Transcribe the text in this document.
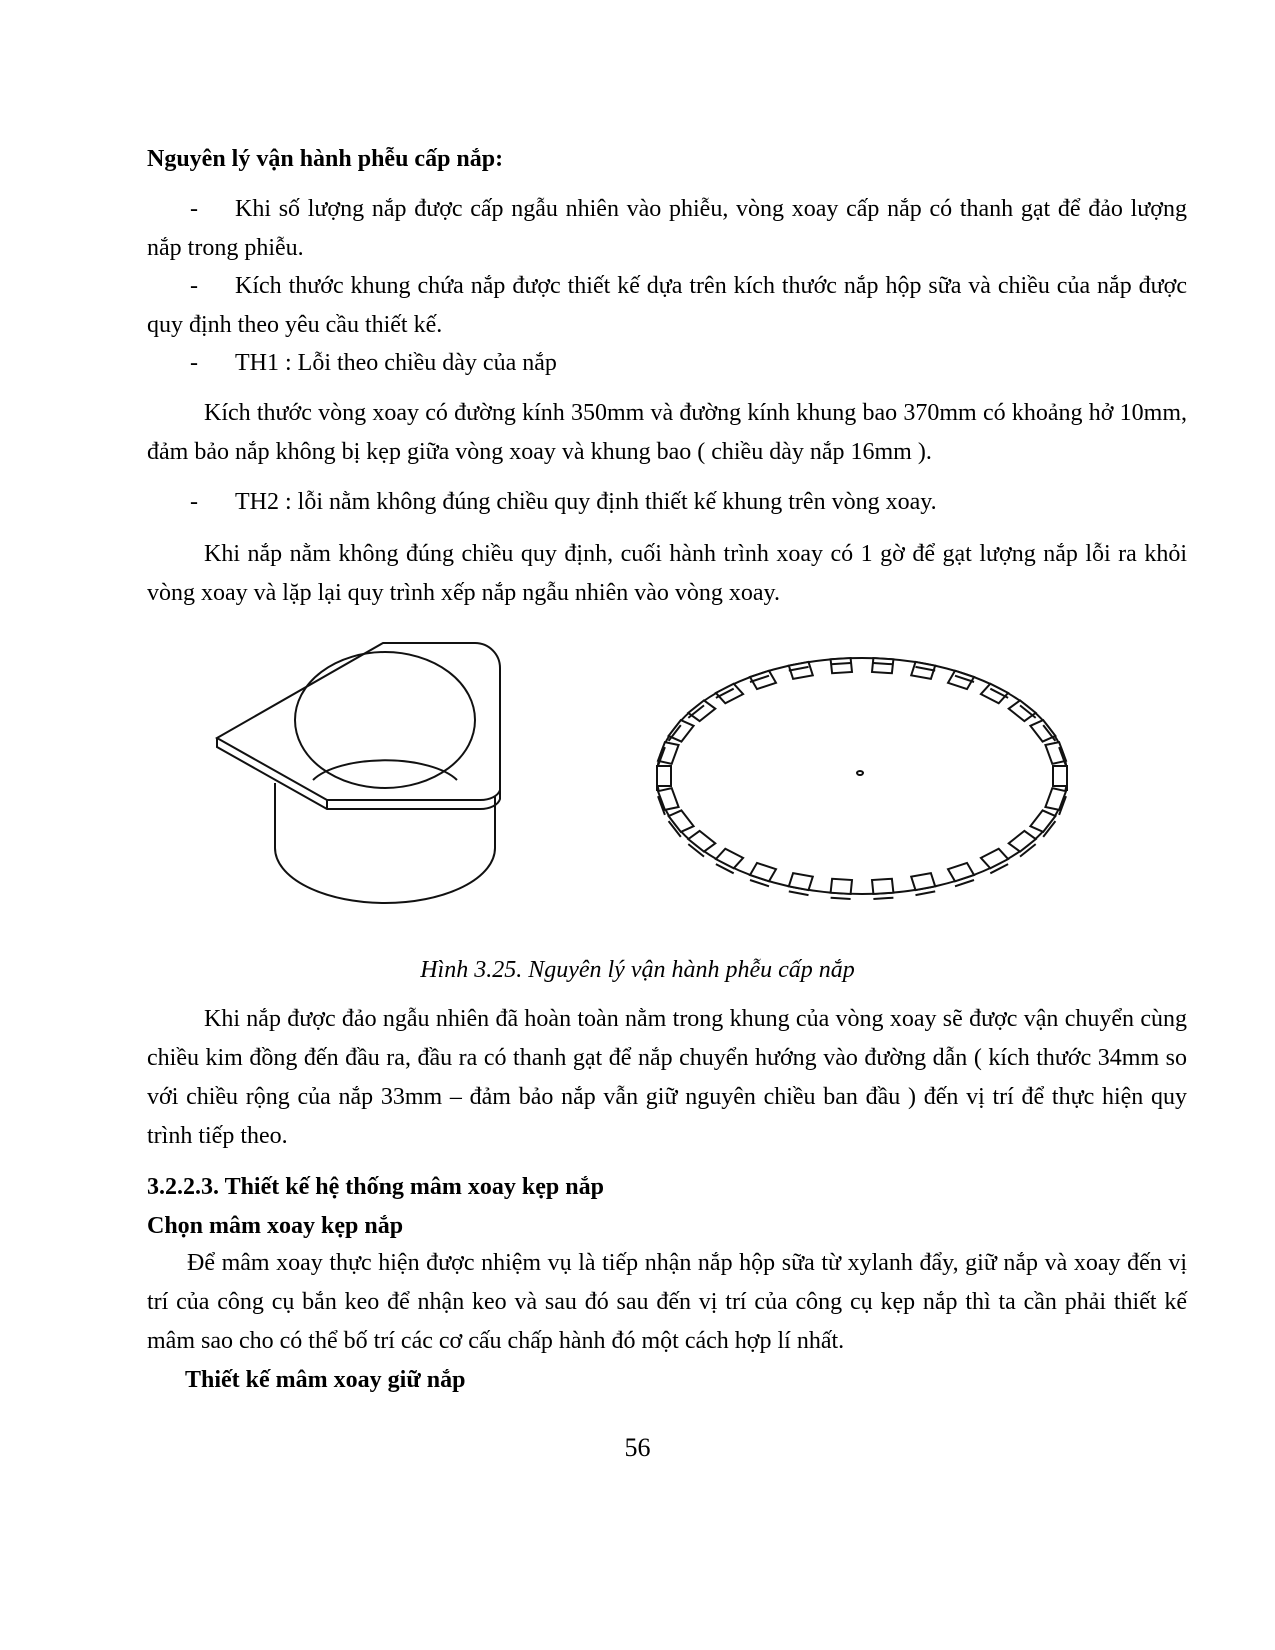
Nguyên lý vận hành phễu cấp nắp:
-	Khi số lượng nắp được cấp ngẫu nhiên vào phiễu, vòng xoay cấp nắp có thanh gạt để đảo lượng nắp trong phiễu.
-	Kích thước khung chứa nắp được thiết kế dựa trên kích thước nắp hộp sữa và chiều của nắp được quy định theo yêu cầu thiết kế.
-	TH1 : Lỗi theo chiều dày của nắp
Kích thước vòng xoay có đường kính 350mm và đường kính khung bao 370mm có khoảng hở 10mm, đảm bảo nắp không bị kẹp giữa vòng xoay và khung bao ( chiều dày nắp 16mm ).
-	TH2 : lỗi nằm không đúng chiều quy định thiết kế khung trên vòng xoay.
Khi nắp nằm không đúng chiều quy định, cuối hành trình xoay có 1 gờ để gạt lượng nắp lỗi ra khỏi vòng xoay và lặp lại quy trình xếp nắp ngẫu nhiên vào vòng xoay.
Hình 3.25. Nguyên lý vận hành phễu cấp nắp
Khi nắp được đảo ngẫu nhiên đã hoàn toàn nằm trong khung của vòng xoay sẽ được vận chuyển cùng chiều kim đồng đến đầu ra, đầu ra có thanh gạt để nắp chuyển hướng vào đường dẫn ( kích thước 34mm so với chiều rộng của nắp 33mm – đảm bảo nắp vẫn giữ nguyên chiều ban đầu ) đến vị trí để thực hiện quy trình tiếp theo.
3.2.2.3. Thiết kế hệ thống mâm xoay kẹp nắp
Chọn mâm xoay kẹp nắp
Để mâm xoay thực hiện được nhiệm vụ là tiếp nhận nắp hộp sữa từ xylanh đẩy, giữ nắp và xoay đến vị trí của công cụ bắn keo để nhận keo và sau đó sau đến vị trí của công cụ kẹp nắp thì ta cần phải thiết kế mâm sao cho có thể bố trí các cơ cấu chấp hành đó một cách hợp lí nhất.
Thiết kế mâm xoay giữ nắp
56
